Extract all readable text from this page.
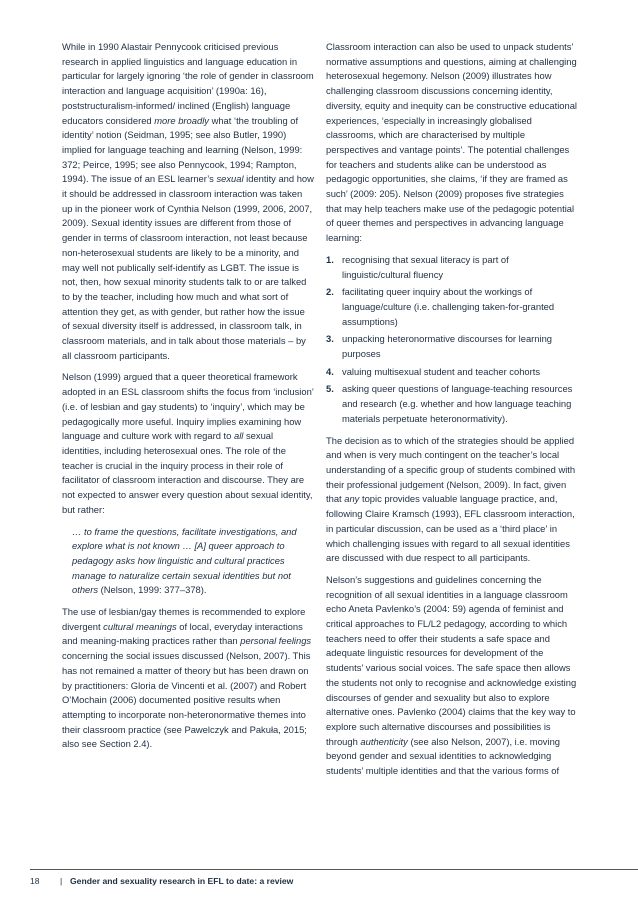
While in 1990 Alastair Pennycook criticised previous research in applied linguistics and language education in particular for largely ignoring ‘the role of gender in classroom interaction and language acquisition’ (1990a: 16), poststructuralism-informed/ inclined (English) language educators considered more broadly what ‘the troubling of identity’ notion (Seidman, 1995; see also Butler, 1990) implied for language teaching and learning (Nelson, 1999: 372; Peirce, 1995; see also Pennycook, 1994; Rampton, 1994). The issue of an ESL learner’s sexual identity and how it should be addressed in classroom interaction was taken up in the pioneer work of Cynthia Nelson (1999, 2006, 2007, 2009). Sexual identity issues are different from those of gender in terms of classroom interaction, not least because non-heterosexual students are likely to be a minority, and may well not publically self-identify as LGBT. The issue is not, then, how sexual minority students talk to or are talked to by the teacher, including how much and what sort of attention they get, as with gender, but rather how the issue of sexual diversity itself is addressed, in classroom talk, in classroom materials, and in talk about those materials – by all classroom participants.

Nelson (1999) argued that a queer theoretical framework adopted in an ESL classroom shifts the focus from ‘inclusion’ (i.e. of lesbian and gay students) to ‘inquiry’, which may be pedagogically more useful. Inquiry implies examining how language and culture work with regard to all sexual identities, including heterosexual ones. The role of the teacher is crucial in the inquiry process in their role of facilitator of classroom interaction and discourse. They are not expected to answer every question about sexual identity, but rather:

… to frame the questions, facilitate investigations, and explore what is not known … [A] queer approach to pedagogy asks how linguistic and cultural practices manage to naturalize certain sexual identities but not others (Nelson, 1999: 377–378).

The use of lesbian/gay themes is recommended to explore divergent cultural meanings of local, everyday interactions and meaning-making practices rather than personal feelings concerning the social issues discussed (Nelson, 2007). This has not remained a matter of theory but has been drawn on by practitioners: Gloria de Vincenti et al. (2007) and Robert O’Mochain (2006) documented positive results when attempting to incorporate non-heteronormative themes into their classroom practice (see Pawelczyk and Pakuła, 2015; also see Section 2.4).

Classroom interaction can also be used to unpack students’ normative assumptions and questions, aiming at challenging heterosexual hegemony. Nelson (2009) illustrates how challenging classroom discussions concerning identity, diversity, equity and inequity can be constructive educational experiences, ‘especially in increasingly globalised classrooms, which are characterised by multiple perspectives and vantage points’. The potential challenges for teachers and students alike can be understood as pedagogic opportunities, she claims, ‘if they are framed as such’ (2009: 205). Nelson (2009) proposes five strategies that may help teachers make use of the pedagogic potential of queer themes and perspectives in advancing language learning:

1. recognising that sexual literacy is part of linguistic/cultural fluency
2. facilitating queer inquiry about the workings of language/culture (i.e. challenging taken-for-granted assumptions)
3. unpacking heteronormative discourses for learning purposes
4. valuing multisexual student and teacher cohorts
5. asking queer questions of language-teaching resources and research (e.g. whether and how language teaching materials perpetuate heteronormativity).

The decision as to which of the strategies should be applied and when is very much contingent on the teacher’s local understanding of a specific group of students combined with their professional judgement (Nelson, 2009). In fact, given that any topic provides valuable language practice, and, following Claire Kramsch (1993), EFL classroom interaction, in particular discussion, can be used as a ‘third place’ in which challenging issues with regard to all sexual identities are discussed with due respect to all participants.

Nelson’s suggestions and guidelines concerning the recognition of all sexual identities in a language classroom echo Aneta Pavlenko’s (2004: 59) agenda of feminist and critical approaches to FL/L2 pedagogy, according to which teachers need to offer their students a safe space and adequate linguistic resources for development of the students’ various social voices. The safe space then allows the students not only to recognise and acknowledge existing discourses of gender and sexuality but also to explore alternative ones. Pavlenko (2004) claims that the key way to explore such alternative discourses and possibilities is through authenticity (see also Nelson, 2007), i.e. moving beyond gender and sexual identities to acknowledging students’ multiple identities and that the various forms of

18 | Gender and sexuality research in EFL to date: a review
